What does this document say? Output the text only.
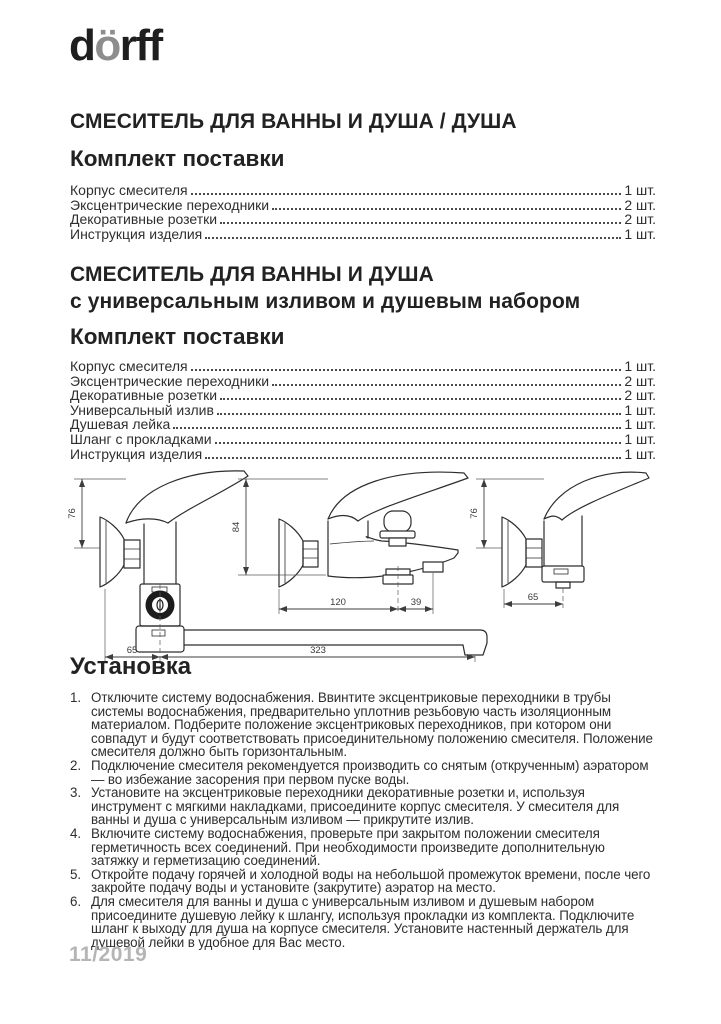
dörff
СМЕСИТЕЛЬ ДЛЯ ВАННЫ И ДУША / ДУША
Комплект поставки
Корпус смесителя	1 шт.
Эксцентрические переходники	2 шт.
Декоративные розетки	2 шт.
Инструкция изделия	1 шт.
СМЕСИТЕЛЬ ДЛЯ ВАННЫ И ДУША
с универсальным изливом и душевым набором
Комплект поставки
Корпус смесителя	1 шт.
Эксцентрические переходники	2 шт.
Декоративные розетки	2 шт.
Универсальный излив	1 шт.
Душевая лейка	1 шт.
Шланг с прокладками	1 шт.
Инструкция изделия	1 шт.
76
65	323
84
120	39
76
65
Установка
1. Отключите систему водоснабжения. Ввинтите эксцентриковые переходники в трубы системы водоснабжения, предварительно уплотнив резьбовую часть изоляционным материалом. Подберите положение эксцентриковых переходников, при котором они совпадут и будут соответствовать присоединительному положению смесителя. Положение смесителя должно быть горизонтальным.
2. Подключение смесителя рекомендуется производить со снятым (открученным) аэратором — во избежание засорения при первом пуске воды.
3. Установите на эксцентриковые переходники декоративные розетки и, используя инструмент с мягкими накладками, присоедините корпус смесителя. У смесителя для ванны и душа с универсальным изливом — прикрутите излив.
4. Включите систему водоснабжения, проверьте при закрытом положении смесителя герметичность всех соединений. При необходимости произведите дополнительную затяжку и герметизацию соединений.
5. Откройте подачу горячей и холодной воды на небольшой промежуток времени, после чего закройте подачу воды и установите (закрутите) аэратор на место.
6. Для смесителя для ванны и душа с универсальным изливом и душевым набором присоедините душевую лейку к шлангу, используя прокладки из комплекта. Подключите шланг к выходу для душа на корпусе смесителя. Установите настенный держатель для душевой лейки в удобное для Вас место.
11/2019
